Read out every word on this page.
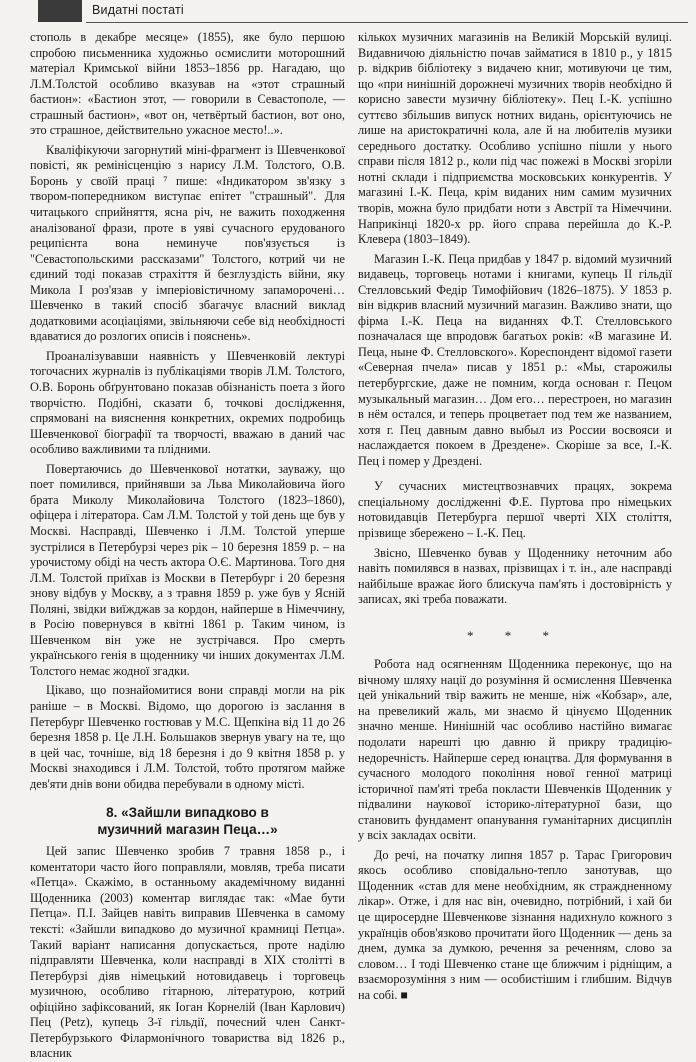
Видатні постаті

стополь в декабре месяце» (1855), яке було першою спробою письменника художньо осмислити моторошний матеріал Кримської війни 1853–1856 рр. Нагадаю, що Л.М.Толстой особливо вказував на «этот страшный бастион»: «Бастион этот, — говорили в Севастополе, — страшный бастион», «вот он, четвёртый бастион, вот оно, это страшное, действительно ужасное место!..».

Кваліфікуючи загорнутий міні-фрагмент із Шевченкової повісті, як ремінісценцію з нарису Л.М. Толстого, О.В. Боронь у своїй праці ⁷ пише: «Індикатором зв'язку з твором-попередником виступає епітет "страшный". Для читацького сприйняття, ясна річ, не важить походження аналізованої фрази, проте в уяві сучасного ерудованого реципієнта вона неминуче пов'язується із "Севастопольскими рассказами" Толстого, котрий чи не єдиний тоді показав страхіття й безглуздість війни, яку Микола І роз'язав у імперіовістичному запаморочені… Шевченко в такий спосіб збагачує власний виклад додатковими асоціаціями, звільняючи себе від необхідності вдаватися до розлогих описів і пояснень».

Проаналізувавши наявність у Шевченковій лектурі тогочасних журналів із публікаціями творів Л.М. Толстого, О.В. Боронь обґрунтовано показав обізнаність поета з його творчістю. Подібні, сказати б, точкові дослідження, спрямовані на вияснення конкретних, окремих подробиць Шевченкової біографії та творчості, вважаю в даний час особливо важливими та плідними.

Повертаючись до Шевченкової нотатки, зауважу, що поет помилився, прийнявши за Льва Миколайовича його брата Миколу Миколайовича Толстого (1823–1860), офіцера і літератора. Сам Л.М. Толстой у той день ще був у Москві. Насправді, Шевченко і Л.М. Толстой уперше зустрілися в Петербурзі через рік – 10 березня 1859 р. – на урочистому обіді на честь актора О.Є. Мартинова. Того дня Л.М. Толстой приїхав із Москви в Петербург і 20 березня знову відбув у Москву, а з травня 1859 р. уже був у Ясній Поляні, звідки виїжджав за кордон, найперше в Німеччину, в Росію повернувся в квітні 1861 р. Таким чином, із Шевченком він уже не зустрічався. Про смерть українського генія в щоденнику чи інших документах Л.М. Толстого немає жодної згадки.

Цікаво, що познайомитися вони справді могли на рік раніше – в Москві. Відомо, що дорогою із заслання в Петербург Шевченко гостював у М.С. Щепкіна від 11 до 26 березня 1858 р. Це Л.Н. Большаков звернув увагу на те, що в цей час, точніше, від 18 березня і до 9 квітня 1858 р. у Москві знаходився і Л.М. Толстой, тобто протягом майже дев'яти днів вони обидва перебували в одному місті.

8. «Зайшли випадково в
музичний магазин Пеца…»

Цей запис Шевченко зробив 7 травня 1858 р., і коментатори часто його поправляли, мовляв, треба писати «Петца». Скажімо, в останньому академічному виданні Щоденника (2003) коментар виглядає так: «Мае бути Петца». П.І. Зайцев навіть виправив Шевченка в самому тексті: «Зайшли випадково до музичної крамниці Петца». Такий варіант написання допускається, проте наділю підправляти Шевченка, коли насправді в XIX століттi в Петербурзі діяв німецький нотовидавець і торговець музичною, особливо гітарною, літературою, котрий офіційно зафіксований, як Іоган Корнелій (Іван Карлович) Пец (Petz), купець 3-ї гільдії, почесний член Санкт-Петербурзького Філармонічного товариства від 1826 р., власник

кількох музичних магазинів на Великій Морській вулиці. Видавничою діяльністю почав займатися в 1810 р., у 1815 р. відкрив бібліотеку з видачею книг, мотивуючи це тим, що «при нинішній дорожнечі музичних творів необхідно й корисно завести музичну бібліотеку». Пец І.-К. успішно суттєво збільшив випуск нотних видань, орієнтуючись не лише на аристократичні кола, але й на любителів музики середнього достатку. Особливо успішно пішли у нього справи після 1812 р., коли під час пожежі в Москві згоріли нотні склади і підприємства московських конкурентів. У магазині І.-К. Пеца, крім виданих ним самим музичних творів, можна було придбати ноти з Австрії та Німеччини. Наприкінці 1820-х рр. його справа перейшла до К.-Р. Клевера (1803–1849).

Магазин І.-К. Пеца придбав у 1847 р. відомий музичний видавець, торговець нотами і книгами, купець II гільдії Стелловський Федір Тимофійович (1826–1875). У 1853 р. він відкрив власний музичний магазин. Важливо знати, що фірма І.-К. Пеца на виданнях Ф.Т. Стелловського позначалася ще впродовж багатьох років: «В магазине И. Пеца, ныне Ф. Стелловского». Кореспондент відомої газети «Северная пчела» писав у 1851 р.: «Мы, старожилы петербургские, даже не помним, когда основан г. Пецом музыкальный магазин… Дом его… перестроен, но магазин в нём остался, и теперь процветает под тем же названием, хотя г. Пец давным давно выбыл из России восвояси и наслаждается покоем в Дрездене». Скоріше за все, І.-К. Пец і помер у Дрездені.

У сучасних мистецтвознавчих працях, зокрема спеціальному дослідженні Ф.Е. Пуртова про німецьких нотовидавців Петербурга першої чверті XIX століття, прізвище збережено – І.-К. Пец.

Звісно, Шевченко бував у Щоденнику неточним або навіть помилявся в назвах, прізвищах і т. ін., але насправді найбільше вражає його блискуча пам'ять і достовірність у записах, які треба поважати.

* * *

Робота над осягненням Щоденника переконує, що на вічному шляху нації до розуміння й осмислення Шевченка цей унікальний твір важить не менше, ніж «Кобзар», але, на превеликий жаль, ми знаємо й цінуємо Щоденник значно менше. Нинішній час особливо настійно вимагає подолати нарешті цю давню й прикру традицію-недоречність. Найперше серед юнацтва. Для формування в сучасного молодого покоління нової генної матриці історичної пам'яті треба покласти Шевченків Щоденник у підвалини наукової історико-літературної бази, що становить фундамент опанування гуманітарних дисциплін у всіх закладах освіти.

До речі, на початку липня 1857 р. Тарас Григорович якось особливо сповідально-тепло занотував, що Щоденник «став для мене необхідним, як страждненному лікар». Отже, і для нас він, очевидно, потрібний, і хай би це щиросердне Шевченкове зізнання надихнуло кожного з українців обов'язково прочитати його Щоденник — день за днем, думка за думкою, речення за реченням, слово за словом… І тоді Шевченко стане ще ближчим і рідніщим, а взаєморозуміння з ним — особистішим і глибшим. Відчув на собі. ■
